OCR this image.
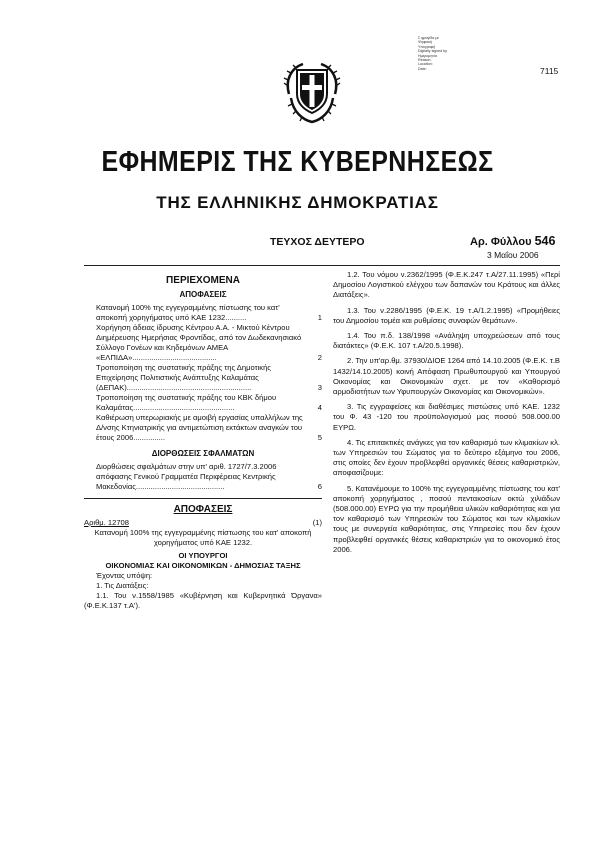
Σ φραγίδα με
Ψηφιακή
Υπογραφή
Digitally signed by
Ημερομηνία
Reason:
Location:
Date:	7115
ΕΦΗΜΕΡΙΣ ΤΗΣ ΚΥΒΕΡΝΗΣΕΩΣ
ΤΗΣ ΕΛΛΗΝΙΚΗΣ ΔΗΜΟΚΡΑΤΙΑΣ
ΤΕΥΧΟΣ ΔΕΥΤΕΡΟ	Αρ. Φύλλου 546
3 Μαΐου 2006
ΠΕΡΙΕΧΟΜΕΝΑ
ΑΠΟΦΑΣΕΙΣ
Κατανομή 100% της εγγεγραμμένης πίστωσης του κατ' αποκοπή χορηγήματος υπό ΚΑΕ 1232..........	1
Χορήγηση άδειας ίδρυσης Κέντρου Α.Α. - Μικτού Κέντρου Διημέρευσης Ημερήσιας Φροντίδας, από τον Δωδεκανησιακό Σύλλογο Γονέων και Κηδεμόνων ΑΜΕΑ «ΕΛΠΙΔΑ»........................................	2
Τροποποίηση της συστατικής πράξης της Δημοτικής Επιχείρησης Πολιτιστικής Ανάπτυξης Καλαμάτας (ΔΕΠΑΚ)...........................................................	3
Τροποποίηση της συστατικής πράξης του ΚΒΚ δήμου Καλαμάτας................................................	4
Καθιέρωση υπερωριακής με αμοιβή εργασίας υπαλλήλων της Δ/νσης Κτηνιατρικής για αντιμετώπιση εκτάκτων αναγκών του έτους 2006...............	5
ΔΙΟΡΘΩΣΕΙΣ ΣΦΑΛΜΑΤΩΝ
Διορθώσεις σφαλμάτων στην υπ' αριθ. 1727/7.3.2006 απόφασης Γενικού Γραμματέα Περιφέρειας Κεντρικής Μακεδονίας..........................................	6
ΑΠΟΦΑΣΕΙΣ
Αριθμ. 12708	(1)
Κατανομή 100% της εγγεγραμμένης πίστωσης του κατ' αποκοπή χορηγήματος υπό ΚΑΕ 1232.
ΟΙ ΥΠΟΥΡΓΟΙ
ΟΙΚΟΝΟΜΙΑΣ ΚΑΙ ΟΙΚΟΝΟΜΙΚΩΝ - ΔΗΜΟΣΙΑΣ ΤΑΞΗΣ
Έχοντας υπόψη:
1. Τις Διατάξεις:
1.1. Του ν.1558/1985 «Κυβέρνηση και Κυβερνητικά Όργανα» (Φ.Ε.Κ.137 τ.Α').

1.2. Του νόμου ν.2362/1995 (Φ.Ε.Κ.247 τ.Α/27.11.1995) «Περί Δημοσίου Λογιστικού ελέγχου των δαπανών του Κράτους και άλλες Διατάξεις».

1.3. Του ν.2286/1995 (Φ.Ε.Κ. 19 τ.Α/1.2.1995) «Προμήθειες του Δημοσίου τομέα και ρυθμίσεις συναφών θεμάτων».

1.4. Του π.δ. 138/1998 «Ανάληψη υποχρεώσεων από τους διατάκτες» (Φ.Ε.Κ. 107 τ.Α/20.5.1998).

2. Την υπ'αρ.θμ. 37930/ΔΙΟΕ 1264 από 14.10.2005 (Φ.Ε.Κ. τ.Β 1432/14.10.2005) κοινή Απόφαση Πρωθυπουργού και Υπουργού Οικονομίας και Οικονομικών σχετ. με τον «Καθορισμό αρμοδιοτήτων των Υφυπουργών Οικονομίας και Οικονομικών».

3. Τις εγγραφείσες και διαθέσιμες πιστώσεις υπό ΚΑΕ. 1232 του Φ. 43 -120 του προϋπολογισμού μας ποσού 508.000.00 ΕΥΡΩ.

4. Τις επιτακτικές ανάγκες για τον καθαρισμό των κλιμακίων κλ. των Υπηρεσιών του Σώματος για το δεύτερο εξάμηνο του 2006, στις οποίες δεν έχουν προβλεφθεί οργανικές θέσεις καθαριστριών, αποφασίζουμε:

5. Κατανέμουμε το 100% της εγγεγραμμένης πίστωσης του κατ' αποκοπή χορηγήματος , ποσού πεντακοσίων οκτώ χιλιάδων (508.000.00) ΕΥΡΩ για την προμήθεια υλικών καθαριότητας και για τον καθαρισμό των Υπηρεσιών του Σώματος και των κλιμακίων τους με συνεργεία καθαριότητας, στις Υπηρεσίες που δεν έχουν προβλεφθεί οργανικές θέσεις καθαριστριών για το οικονομικό έτος 2006.
